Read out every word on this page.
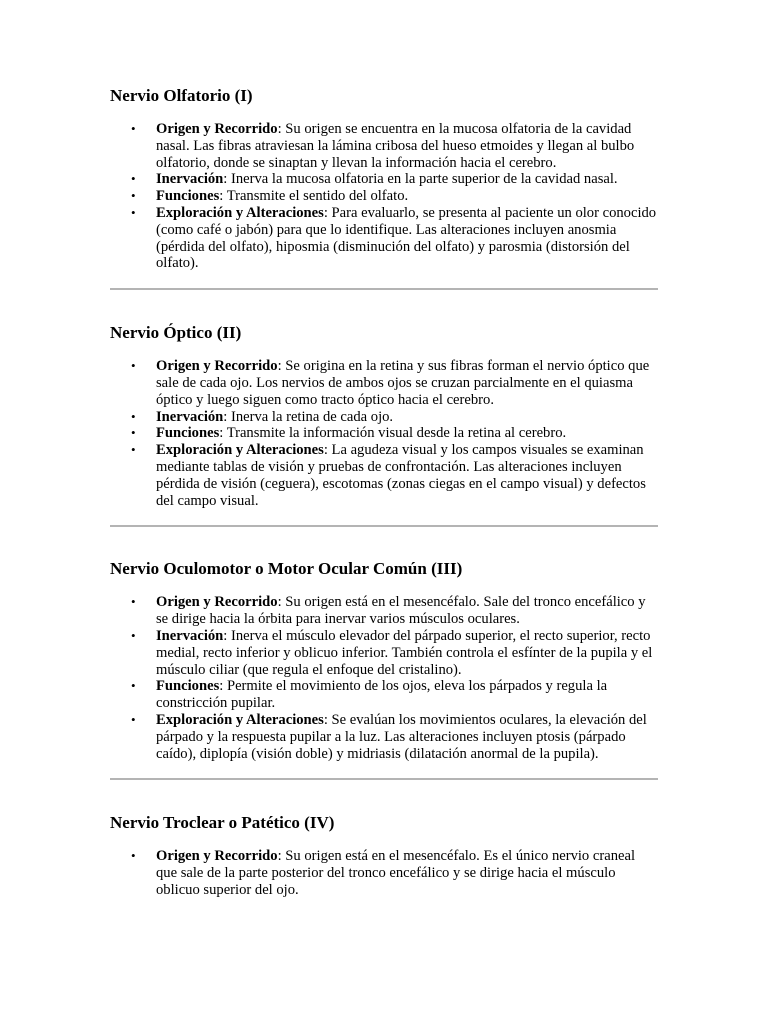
Nervio Olfatorio (I)
• Origen y Recorrido: Su origen se encuentra en la mucosa olfatoria de la cavidad nasal. Las fibras atraviesan la lámina cribosa del hueso etmoides y llegan al bulbo olfatorio, donde se sinaptan y llevan la información hacia el cerebro.
• Inervación: Inerva la mucosa olfatoria en la parte superior de la cavidad nasal.
• Funciones: Transmite el sentido del olfato.
• Exploración y Alteraciones: Para evaluarlo, se presenta al paciente un olor conocido (como café o jabón) para que lo identifique. Las alteraciones incluyen anosmia (pérdida del olfato), hiposmia (disminución del olfato) y parosmia (distorsión del olfato).
Nervio Óptico (II)
• Origen y Recorrido: Se origina en la retina y sus fibras forman el nervio óptico que sale de cada ojo. Los nervios de ambos ojos se cruzan parcialmente en el quiasma óptico y luego siguen como tracto óptico hacia el cerebro.
• Inervación: Inerva la retina de cada ojo.
• Funciones: Transmite la información visual desde la retina al cerebro.
• Exploración y Alteraciones: La agudeza visual y los campos visuales se examinan mediante tablas de visión y pruebas de confrontación. Las alteraciones incluyen pérdida de visión (ceguera), escotomas (zonas ciegas en el campo visual) y defectos del campo visual.
Nervio Oculomotor o Motor Ocular Común (III)
• Origen y Recorrido: Su origen está en el mesencéfalo. Sale del tronco encefálico y se dirige hacia la órbita para inervar varios músculos oculares.
• Inervación: Inerva el músculo elevador del párpado superior, el recto superior, recto medial, recto inferior y oblicuo inferior. También controla el esfínter de la pupila y el músculo ciliar (que regula el enfoque del cristalino).
• Funciones: Permite el movimiento de los ojos, eleva los párpados y regula la constricción pupilar.
• Exploración y Alteraciones: Se evalúan los movimientos oculares, la elevación del párpado y la respuesta pupilar a la luz. Las alteraciones incluyen ptosis (párpado caído), diplopía (visión doble) y midriasis (dilatación anormal de la pupila).
Nervio Troclear o Patético (IV)
• Origen y Recorrido: Su origen está en el mesencéfalo. Es el único nervio craneal que sale de la parte posterior del tronco encefálico y se dirige hacia el músculo oblicuo superior del ojo.
